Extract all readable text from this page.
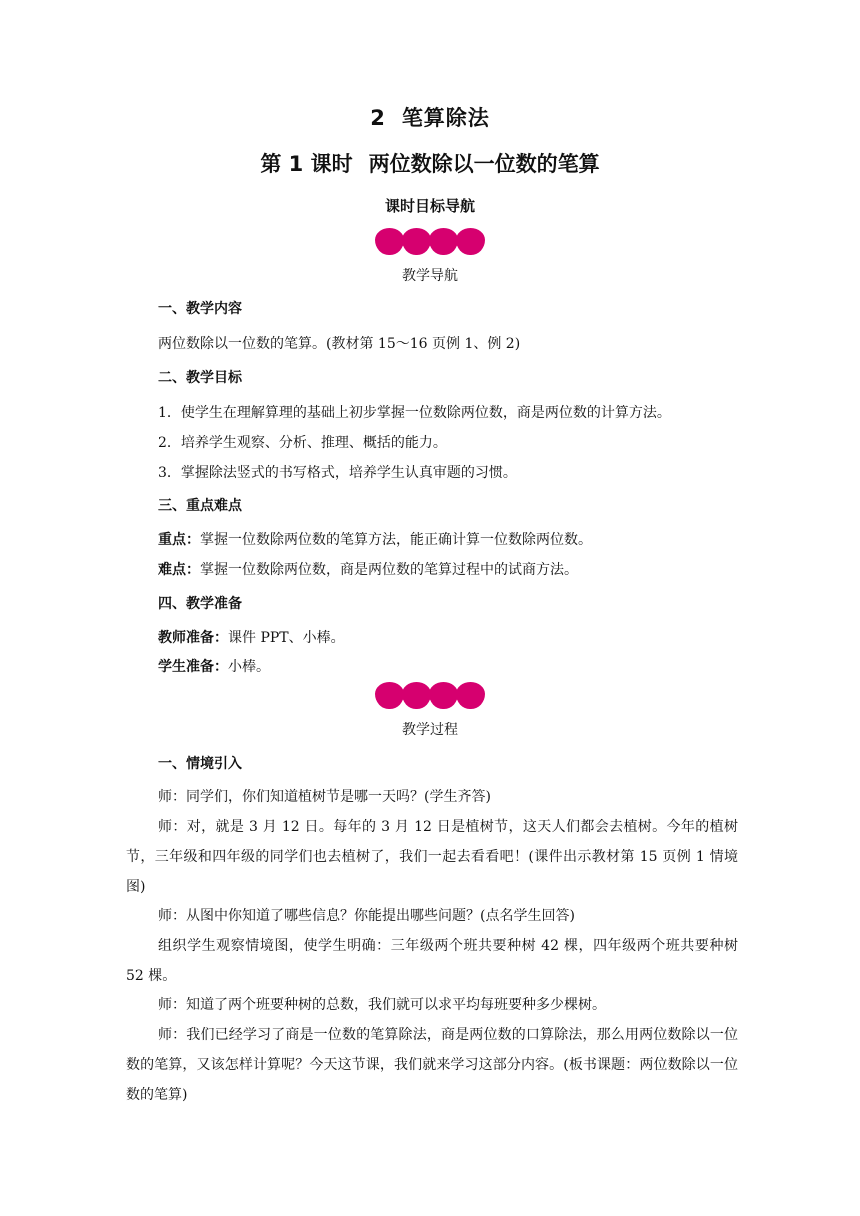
2 笔算除法
第 1 课时 两位数除以一位数的笔算
课时目标导航
教学导航
一、教学内容
两位数除以一位数的笔算。(教材第 15～16 页例 1、例 2)
二、教学目标
1．使学生在理解算理的基础上初步掌握一位数除两位数，商是两位数的计算方法。
2．培养学生观察、分析、推理、概括的能力。
3．掌握除法竖式的书写格式，培养学生认真审题的习惯。
三、重点难点
重点：掌握一位数除两位数的笔算方法，能正确计算一位数除两位数。
难点：掌握一位数除两位数，商是两位数的笔算过程中的试商方法。
四、教学准备
教师准备：课件 PPT、小棒。
学生准备：小棒。
教学过程
一、情境引入
师：同学们，你们知道植树节是哪一天吗？(学生齐答)
师：对，就是 3 月 12 日。每年的 3 月 12 日是植树节，这天人们都会去植树。今年的植树节，三年级和四年级的同学们也去植树了，我们一起去看看吧！(课件出示教材第 15 页例 1 情境图)
师：从图中你知道了哪些信息？你能提出哪些问题？(点名学生回答)
组织学生观察情境图，使学生明确：三年级两个班共要种树 42 棵，四年级两个班共要种树 52 棵。
师：知道了两个班要种树的总数，我们就可以求平均每班要种多少棵树。
师：我们已经学习了商是一位数的笔算除法，商是两位数的口算除法，那么用两位数除以一位数的笔算，又该怎样计算呢？今天这节课，我们就来学习这部分内容。(板书课题：两位数除以一位数的笔算)
